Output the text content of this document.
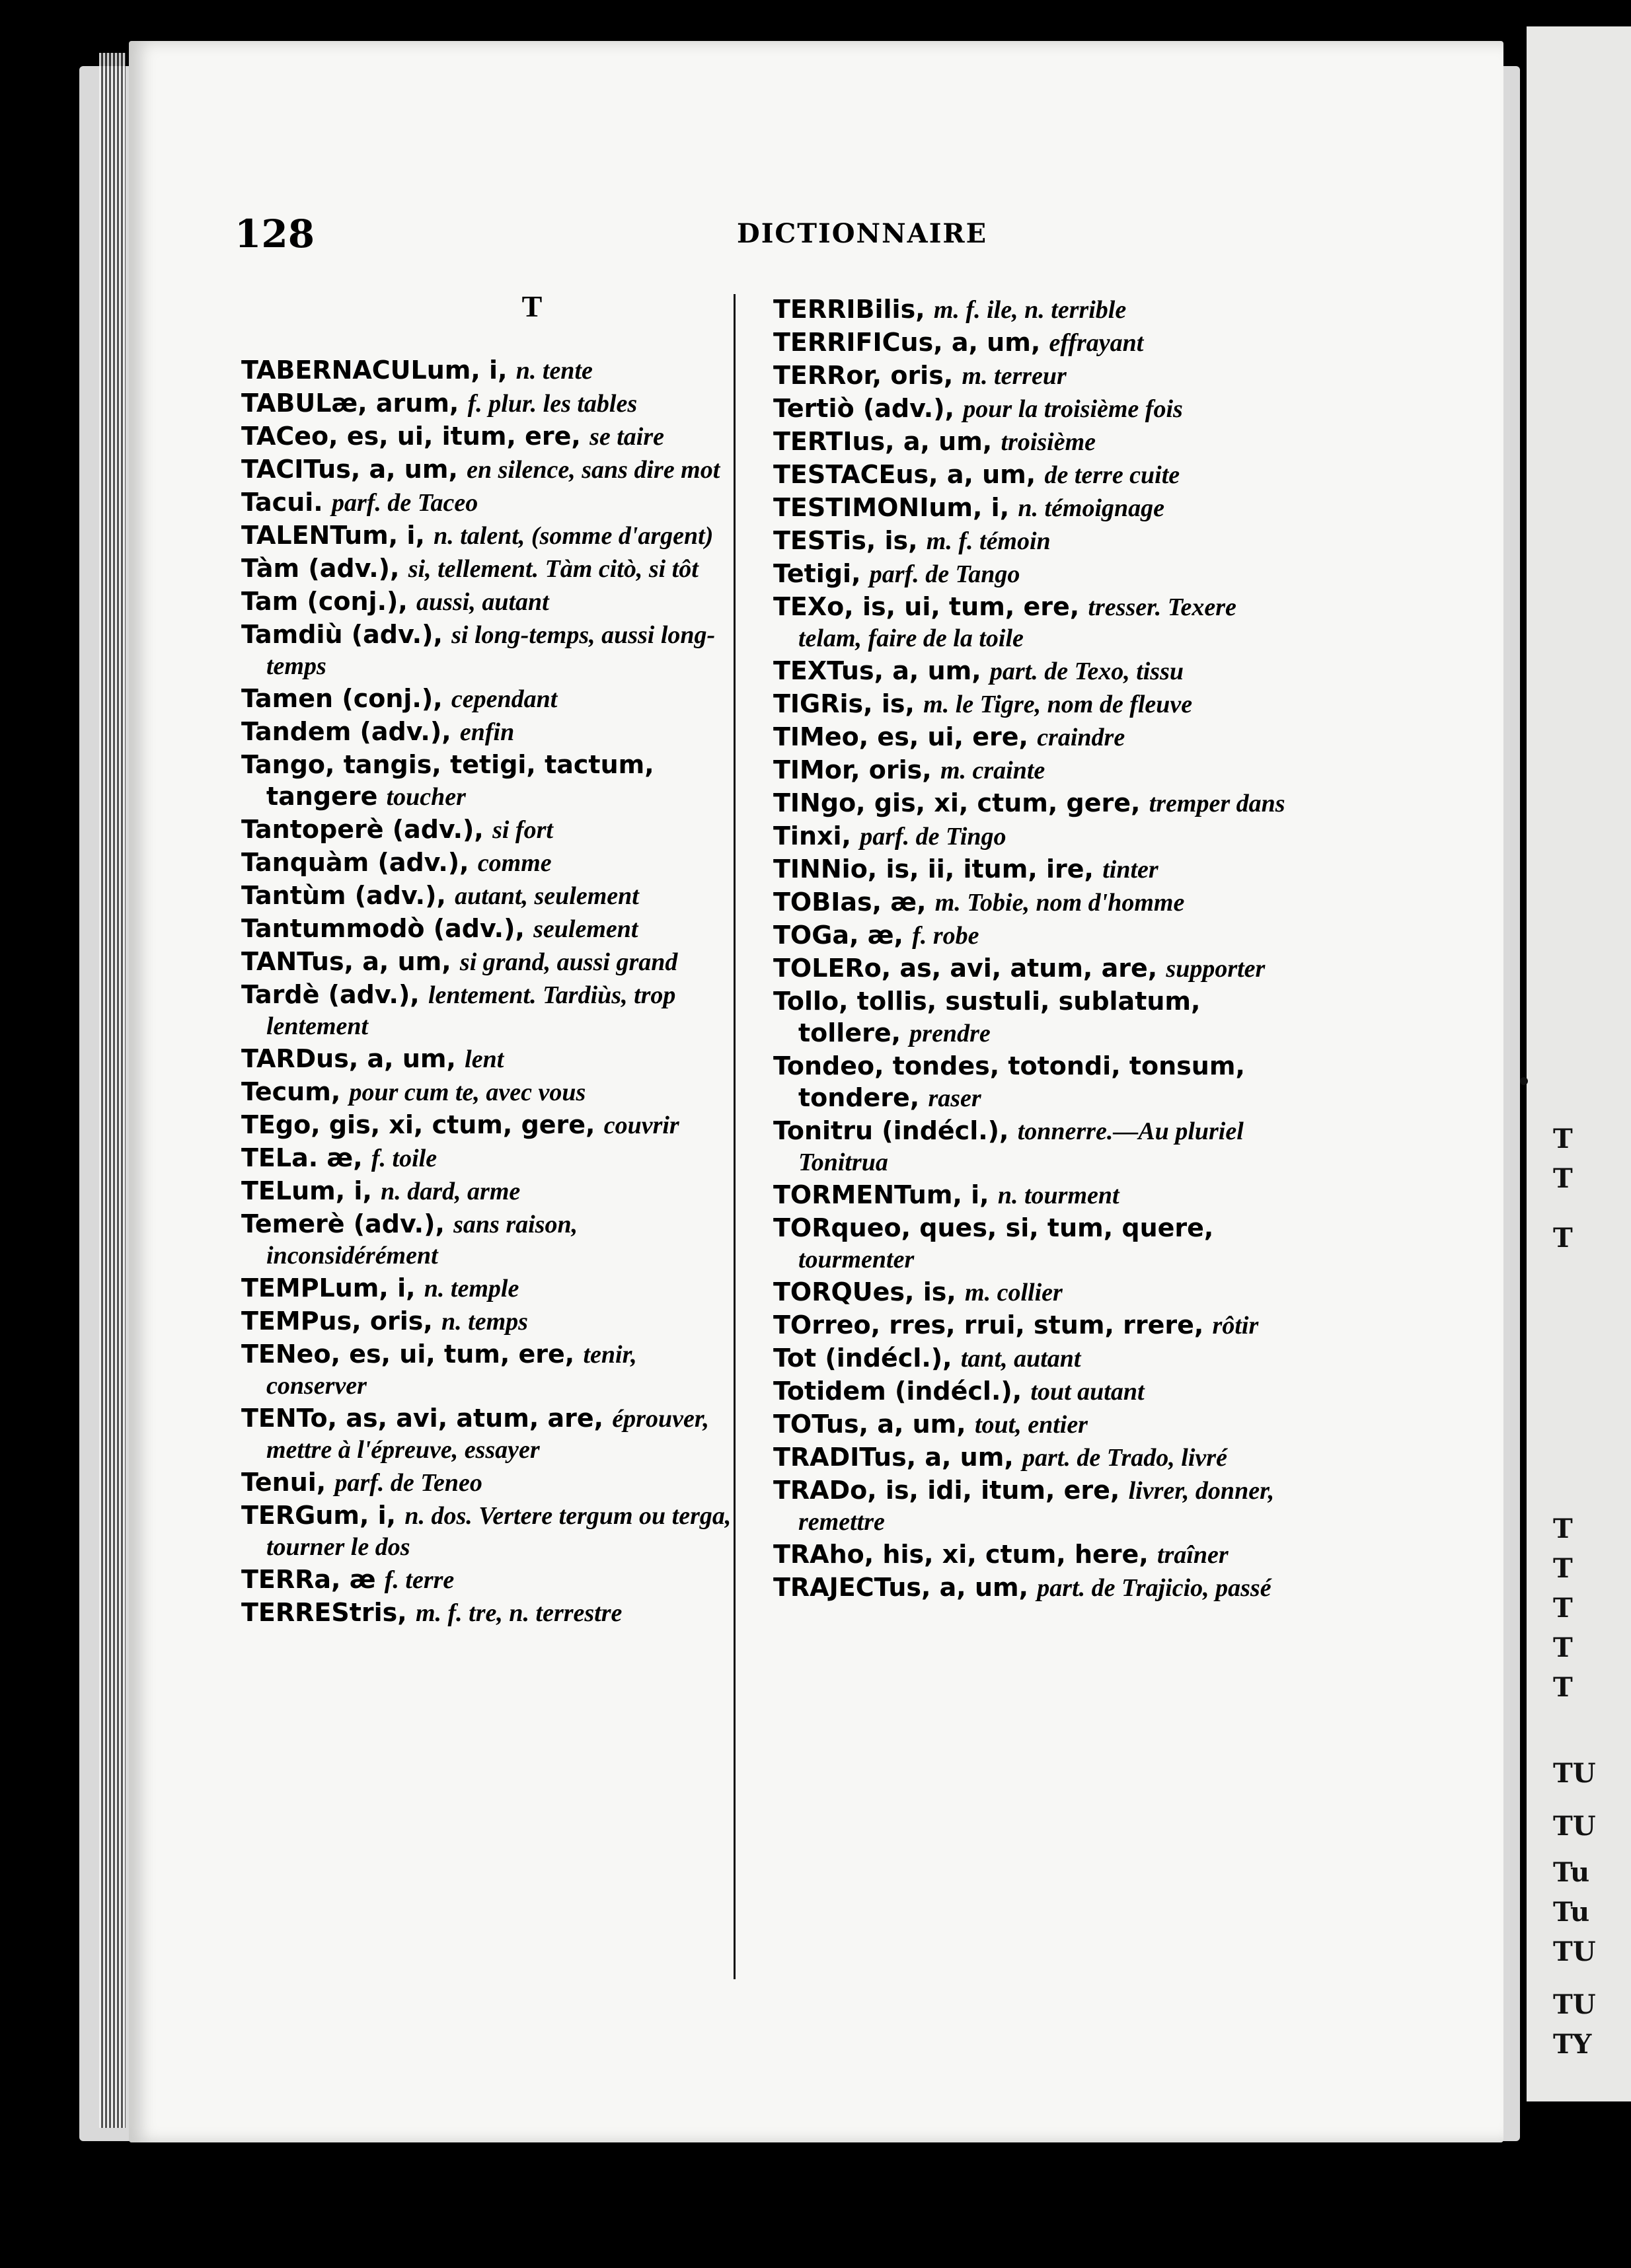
T
T
T
T
T
T
T
T
TU
TU
Tu
Tu
TU
TU
TY
128	DICTIONNAIRE
T

TABERNACULum, i, n. tente

TABULæ, arum, f. plur. les tables

TACeo, es, ui, itum, ere, se taire

TACITus, a, um, en silence, sans dire mot

Tacui. parf. de Taceo

TALENTum, i, n. talent, (somme d'argent)

Tàm (adv.), si, tellement. Tàm citò, si tôt

Tam (conj.), aussi, autant

Tamdiù (adv.), si long-temps, aussi long-temps

Tamen (conj.), cependant

Tandem (adv.), enfin

Tango, tangis, tetigi, tactum, tangere toucher

Tantoperè (adv.), si fort

Tanquàm (adv.), comme

Tantùm (adv.), autant, seulement

Tantummodò (adv.), seulement

TANTus, a, um, si grand, aussi grand

Tardè (adv.), lentement. Tardiùs, trop lentement

TARDus, a, um, lent

Tecum, pour cum te, avec vous

TEgo, gis, xi, ctum, gere, couvrir

TELa. æ, f. toile

TELum, i, n. dard, arme

Temerè (adv.), sans raison, inconsidérément

TEMPLum, i, n. temple

TEMPus, oris, n. temps

TENeo, es, ui, tum, ere, tenir, conserver

TENTo, as, avi, atum, are, éprouver, mettre à l'épreuve, essayer

Tenui, parf. de Teneo

TERGum, i, n. dos. Vertere tergum ou terga, tourner le dos

TERRa, æ f. terre

TERREStris, m. f. tre, n. terrestre

TERRIBilis, m. f. ile, n. terrible

TERRIFICus, a, um, effrayant

TERRor, oris, m. terreur

Tertiò (adv.), pour la troisième fois

TERTIus, a, um, troisième

TESTACEus, a, um, de terre cuite

TESTIMONIum, i, n. témoignage

TESTis, is, m. f. témoin

Tetigi, parf. de Tango

TEXo, is, ui, tum, ere, tresser. Texere telam, faire de la toile

TEXTus, a, um, part. de Texo, tissu

TIGRis, is, m. le Tigre, nom de fleuve

TIMeo, es, ui, ere, craindre

TIMor, oris, m. crainte

TINgo, gis, xi, ctum, gere, tremper dans

Tinxi, parf. de Tingo

TINNio, is, ii, itum, ire, tinter

TOBIas, æ, m. Tobie, nom d'homme

TOGa, æ, f. robe

TOLERo, as, avi, atum, are, supporter

Tollo, tollis, sustuli, sublatum, tollere, prendre

Tondeo, tondes, totondi, tonsum, tondere, raser

Tonitru (indécl.), tonnerre.—Au pluriel Tonitrua

TORMENTum, i, n. tourment

TORqueo, ques, si, tum, quere, tourmenter

TORQUes, is, m. collier

TOrreo, rres, rrui, stum, rrere, rôtir

Tot (indécl.), tant, autant

Totidem (indécl.), tout autant

TOTus, a, um, tout, entier

TRADITus, a, um, part. de Trado, livré

TRADo, is, idi, itum, ere, livrer, donner, remettre

TRAho, his, xi, ctum, here, traîner

TRAJECTus, a, um, part. de Trajicio, passé
